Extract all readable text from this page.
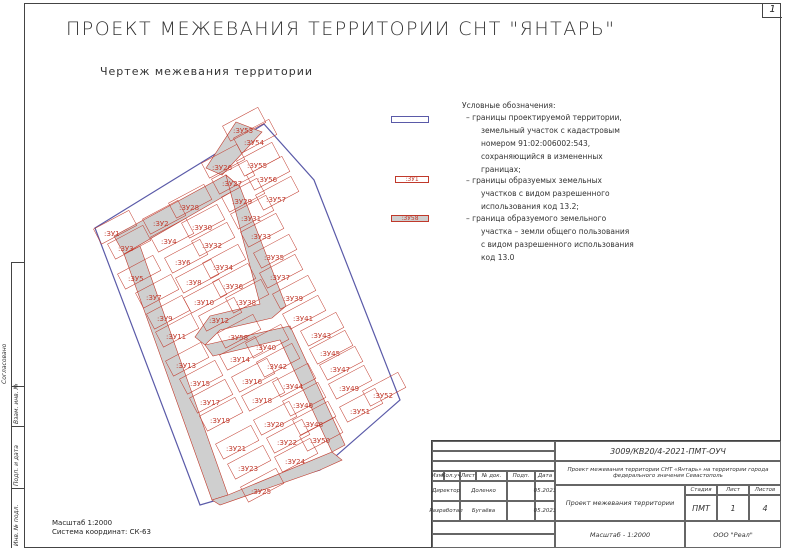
1
ПРОЕКТ МЕЖЕВАНИЯ ТЕРРИТОРИИ СНТ "ЯНТАРЬ"
Чертеж межевания территории
Условные обозначения:
– границы проектируемой территории,
земельный участок с кадастровым
номером 91:02:006002:543,
сохраняющийся в измененных
границах;
:ЗУ1	– границы образуемых земельных
участков с видом разрешенного
использования код 13.2;
:ЗУ58	– граница образуемого земельного
участка – земли общего пользования
с видом разрешенного использования
код 13.0
:ЗУ1
:ЗУ2
:ЗУ3
:ЗУ4
:ЗУ5
:ЗУ6
:ЗУ7
:ЗУ8
:ЗУ9
:ЗУ10
:ЗУ11
:ЗУ12
:ЗУ13
:ЗУ14
:ЗУ15	:ЗУ16
:ЗУ17	:ЗУ18
:ЗУ19	:ЗУ20
:ЗУ21
:ЗУ22
:ЗУ23
:ЗУ24
:ЗУ25
:ЗУ26
:ЗУ27
:ЗУ28
:ЗУ29
:ЗУ30
:ЗУ31
:ЗУ32
:ЗУ33
:ЗУ34
:ЗУ35
:ЗУ36
:ЗУ37
:ЗУ38	:ЗУ39
:ЗУ40
:ЗУ41
:ЗУ42
:ЗУ43
:ЗУ44
:ЗУ45
:ЗУ46
:ЗУ47
:ЗУ48
:ЗУ49
:ЗУ50
:ЗУ51
:ЗУ52
:ЗУ53
:ЗУ54
:ЗУ55
:ЗУ56
:ЗУ57
:ЗУ58
Масштаб 1:2000
Система координат: СК-63
Согласовано
Взам. инв. №
Подп. и дата
Инв. № подл.
Изм.
Кол.уч.
Лист	№ док.	Подп.	Дата
Директор	Доленко	05.2023
Разработал	Бугаёва	05.2023
3009/КВ20/4-2021-ПМТ-ОУЧ
Проект межевания территории СНТ «Янтарь» на территории города федерального значения Севастополь
Проект межевания территории
Стадия	Лист	Листов
ПМТ	1	4
Масштаб - 1:2000	ООО "Реал"
